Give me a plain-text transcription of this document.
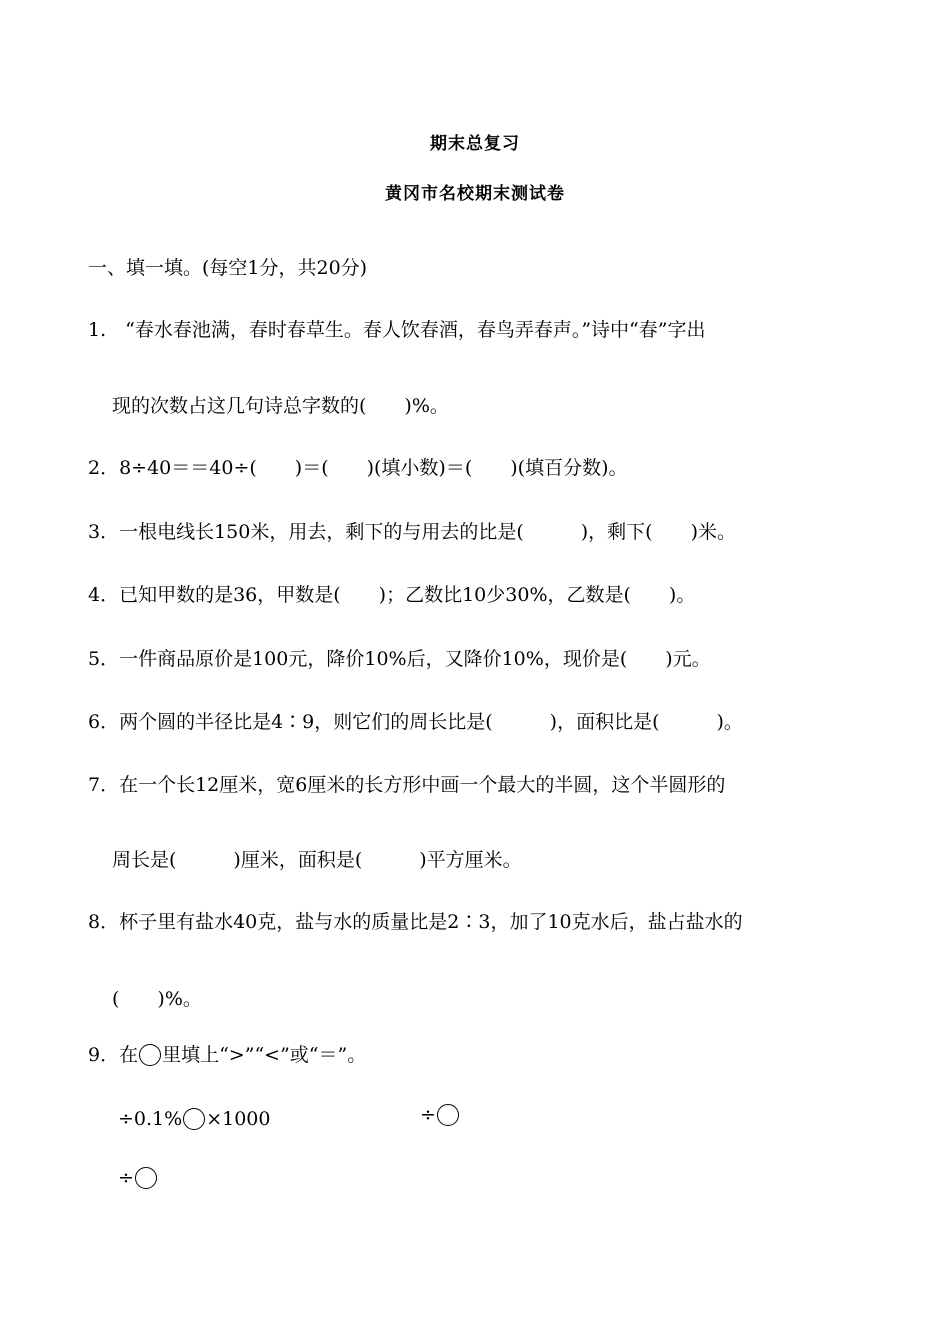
期末总复习
黄冈市名校期末测试卷
一、填一填。(每空1分，共20分)
1.　“春水春池满，春时春草生。春人饮春酒，春鸟弄春声。”诗中“春”字出
现的次数占这几句诗总字数的(　　)%。
2．8÷40＝＝40÷(　　)＝(　　)(填小数)＝(　　)(填百分数)。
3．一根电线长150米，用去，剩下的与用去的比是(　　　)，剩下(　　)米。
4．已知甲数的是36，甲数是(　　)；乙数比10少30%，乙数是(　　)。
5．一件商品原价是100元，降价10%后，又降价10%，现价是(　　)元。
6．两个圆的半径比是4∶9，则它们的周长比是(　　　)，面积比是(　　　)。
7．在一个长12厘米，宽6厘米的长方形中画一个最大的半圆，这个半圆形的
周长是(　　　)厘米，面积是(　　　)平方厘米。
8．杯子里有盐水40克，盐与水的质量比是2∶3，加了10克水后，盐占盐水的
(　　)%。
9．在 里填上“>”“<”或“＝”。
÷0.1% ×1000	÷
÷
